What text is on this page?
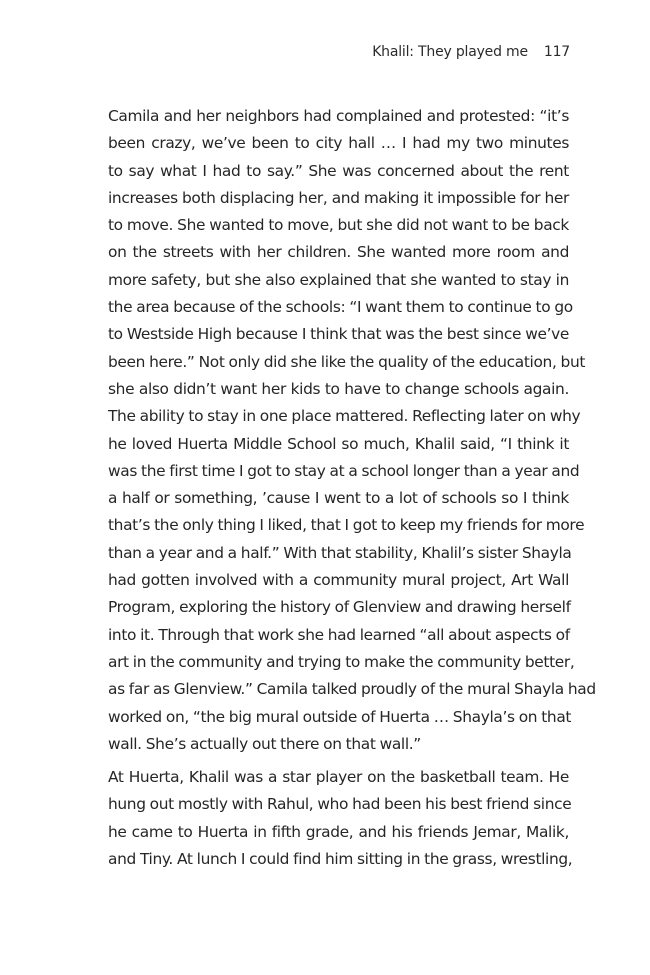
Khalil: They played me 117

Camila and her neighbors had complained and protested: “it’s
been crazy, we’ve been to city hall … I had my two minutes
to say what I had to say.” She was concerned about the rent
increases both displacing her, and making it impossible for her
to move. She wanted to move, but she did not want to be back
on the streets with her children. She wanted more room and
more safety, but she also explained that she wanted to stay in
the area because of the schools: “I want them to continue to go
to Westside High because I think that was the best since we’ve
been here.” Not only did she like the quality of the education, but
she also didn’t want her kids to have to change schools again.
The ability to stay in one place mattered. Reflecting later on why
he loved Huerta Middle School so much, Khalil said, “I think it
was the first time I got to stay at a school longer than a year and
a half or something, ’cause I went to a lot of schools so I think
that’s the only thing I liked, that I got to keep my friends for more
than a year and a half.” With that stability, Khalil’s sister Shayla
had gotten involved with a community mural project, Art Wall
Program, exploring the history of Glenview and drawing herself
into it. Through that work she had learned “all about aspects of
art in the community and trying to make the community better,
as far as Glenview.” Camila talked proudly of the mural Shayla had
worked on, “the big mural outside of Huerta … Shayla’s on that
wall. She’s actually out there on that wall.”

At Huerta, Khalil was a star player on the basketball team. He
hung out mostly with Rahul, who had been his best friend since
he came to Huerta in fifth grade, and his friends Jemar, Malik,
and Tiny. At lunch I could find him sitting in the grass, wrestling,
